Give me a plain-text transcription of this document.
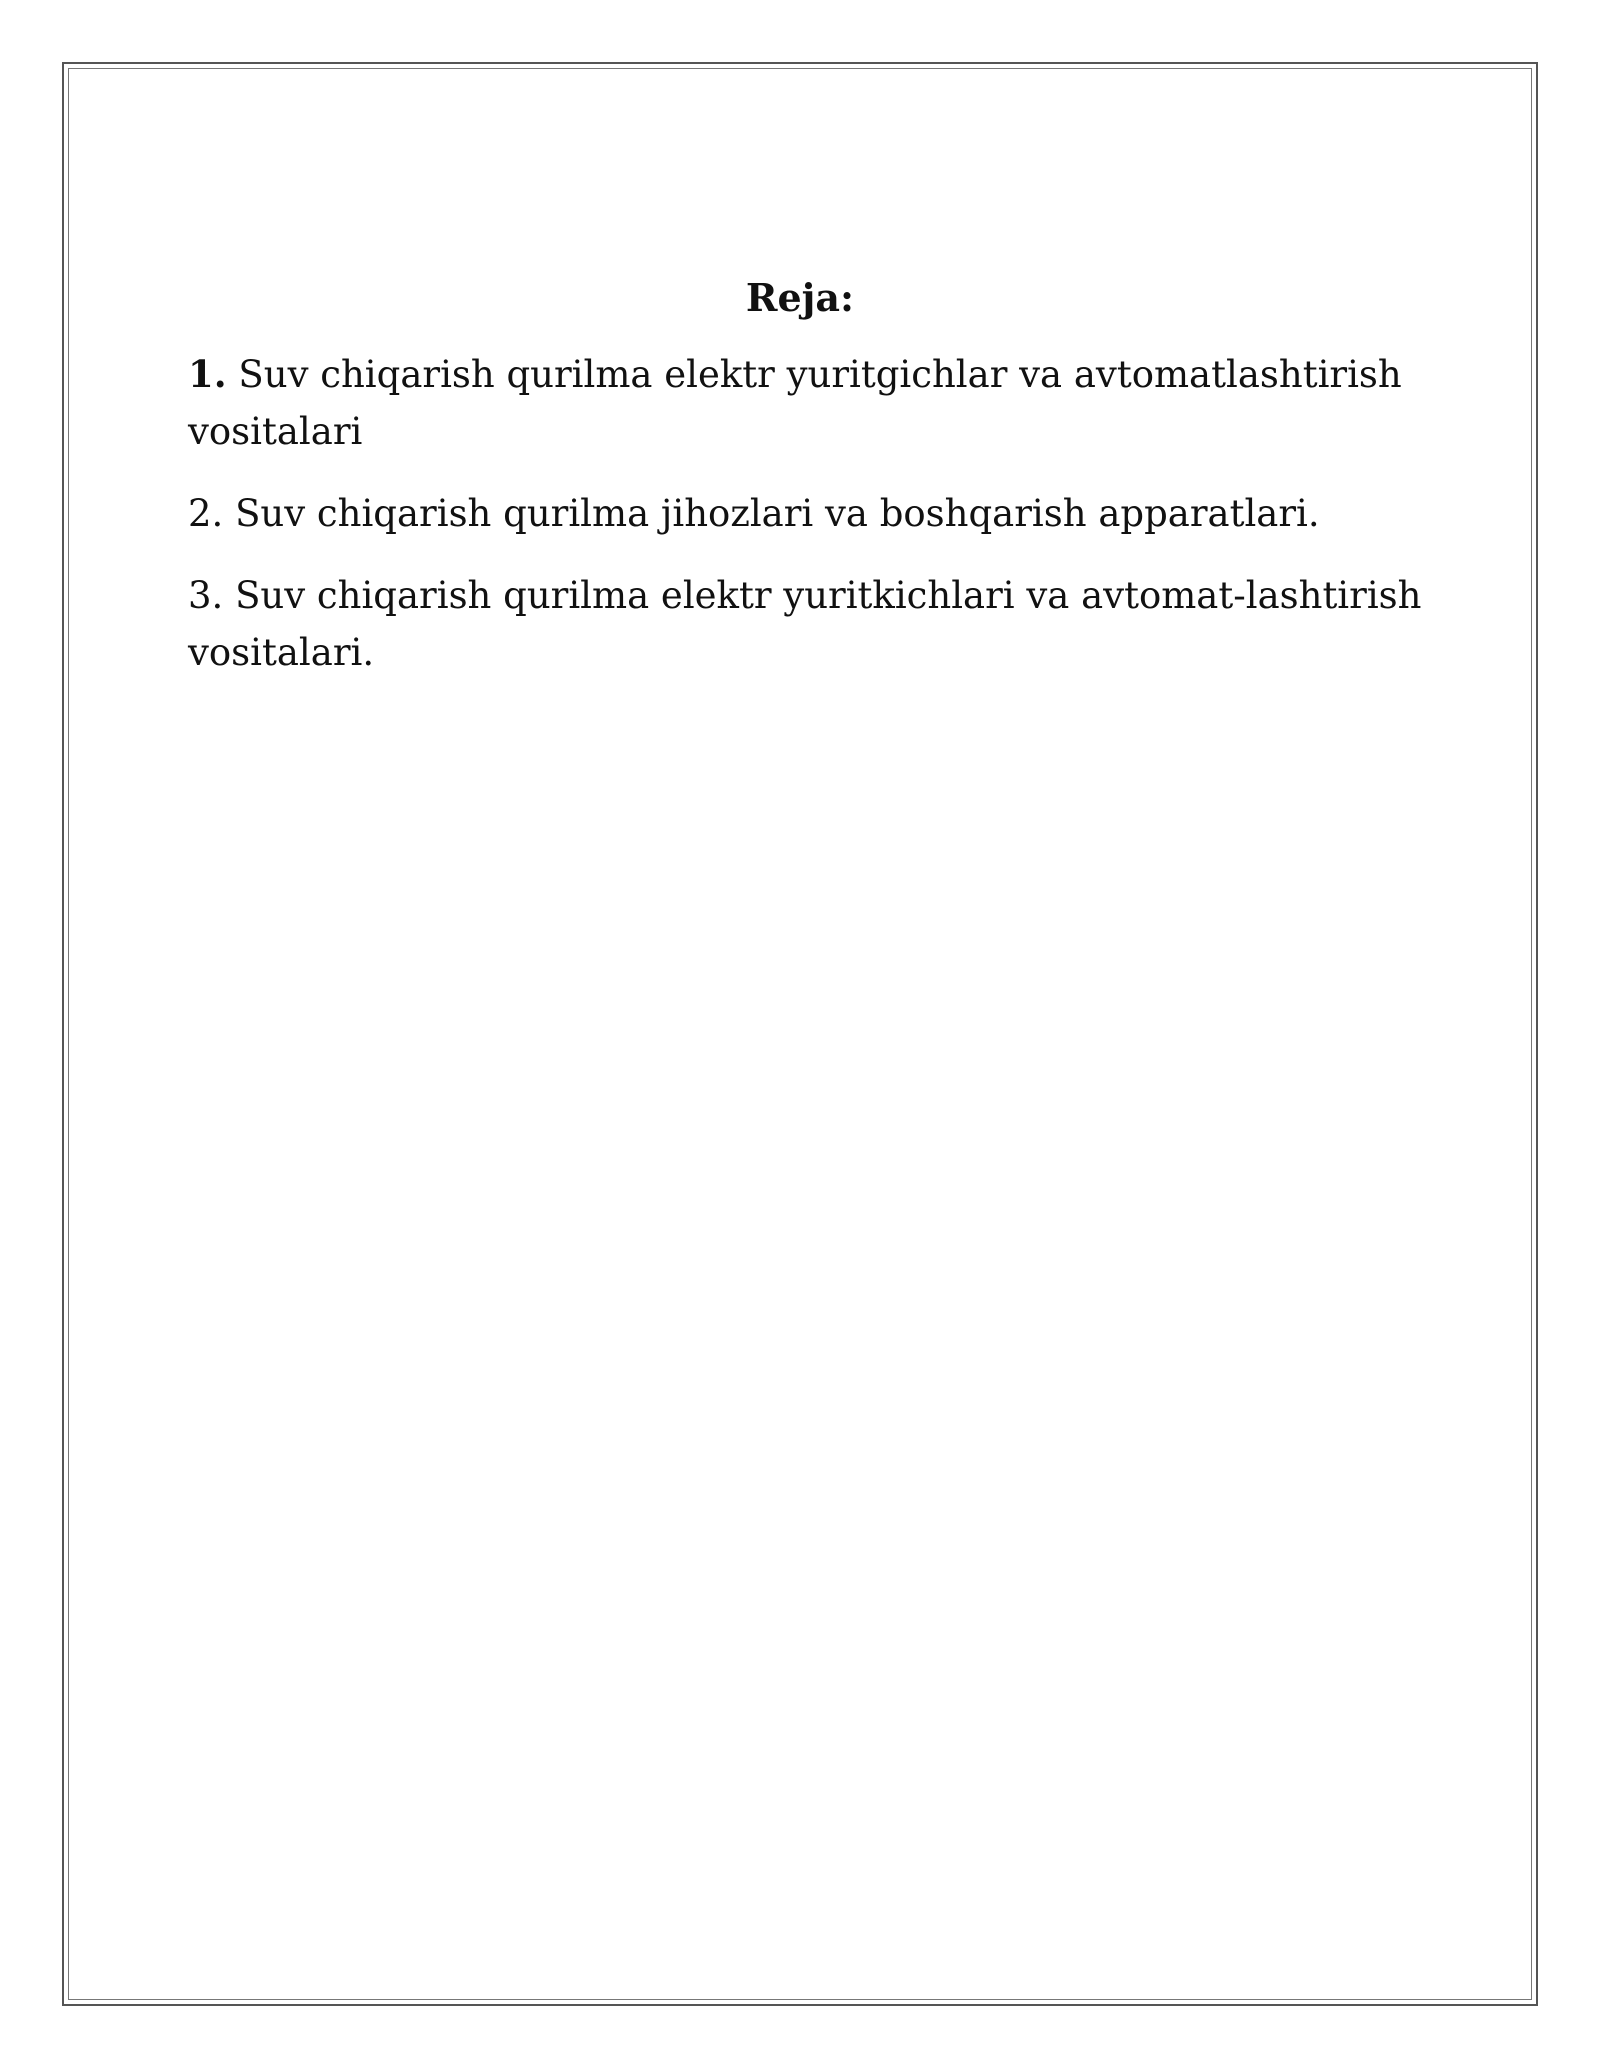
Reja:

1. Suv chiqarish qurilma elektr yuritgichlar va avtomatlashtirish vositalari

2. Suv chiqarish qurilma jihozlari va boshqarish apparatlari.

3. Suv chiqarish qurilma elektr yuritkichlari va avtomat-lashtirish vositalari.
